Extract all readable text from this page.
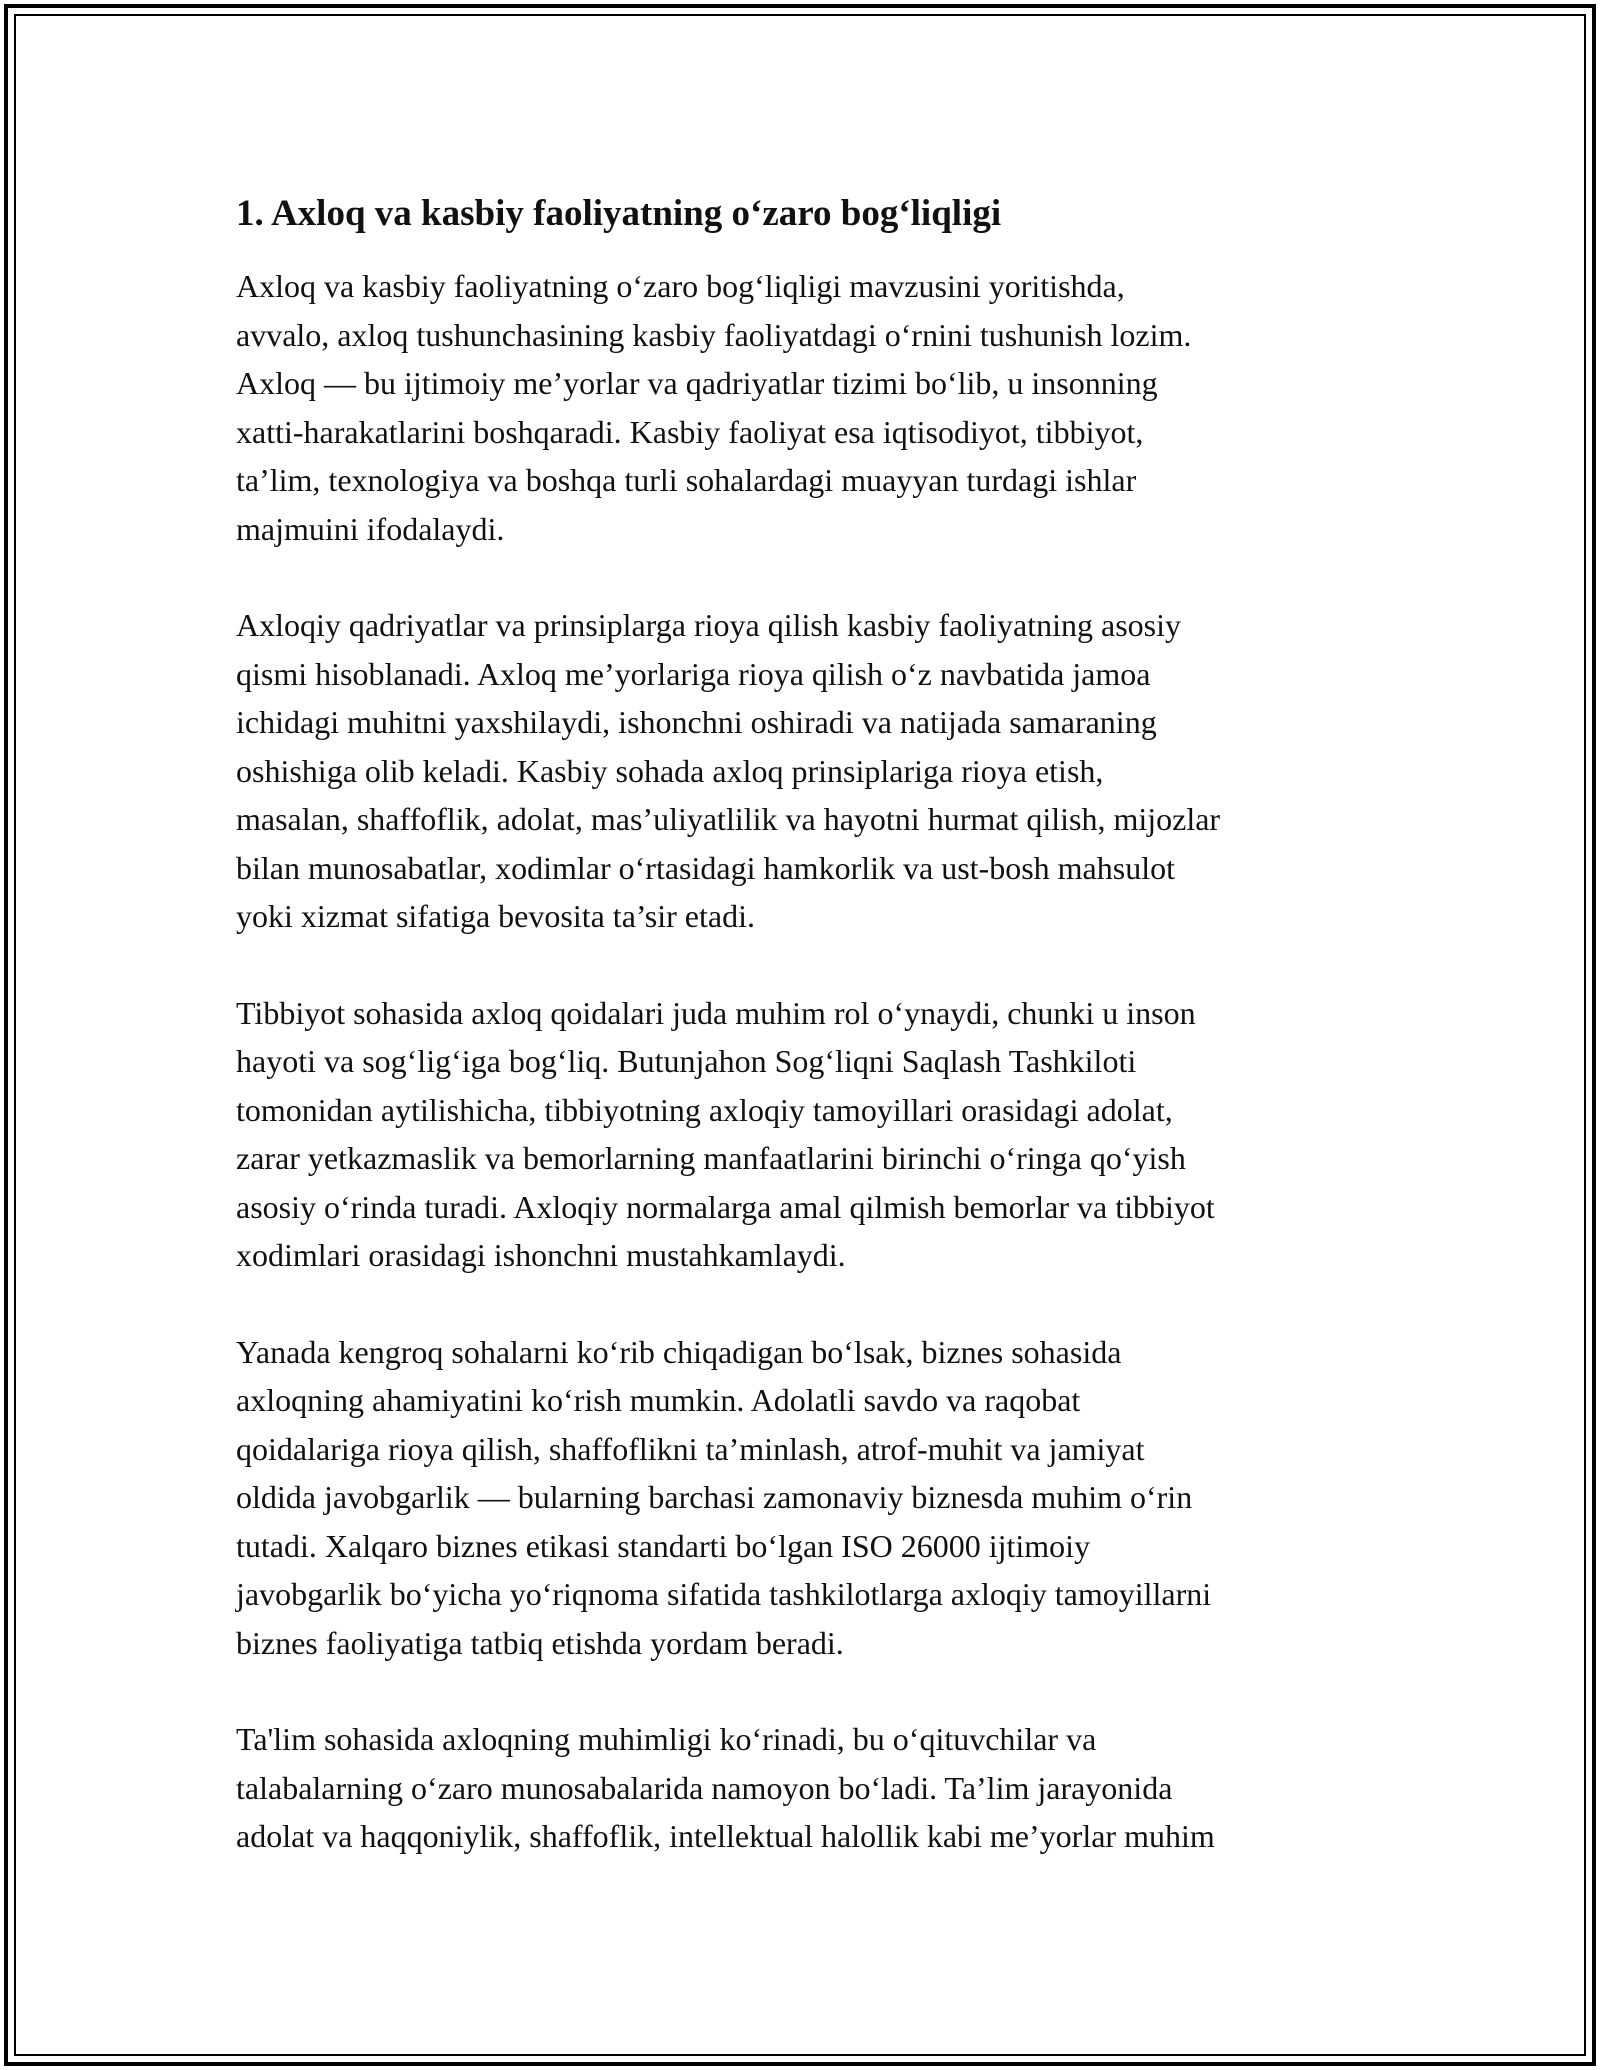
1. Axloq va kasbiy faoliyatning o‘zaro bog‘liqligi

Axloq va kasbiy faoliyatning o‘zaro bog‘liqligi mavzusini yoritishda,
avvalo, axloq tushunchasining kasbiy faoliyatdagi o‘rnini tushunish lozim.
Axloq — bu ijtimoiy me’yorlar va qadriyatlar tizimi bo‘lib, u insonning
xatti-harakatlarini boshqaradi. Kasbiy faoliyat esa iqtisodiyot, tibbiyot,
ta’lim, texnologiya va boshqa turli sohalardagi muayyan turdagi ishlar
majmuini ifodalaydi.

Axloqiy qadriyatlar va prinsiplarga rioya qilish kasbiy faoliyatning asosiy
qismi hisoblanadi. Axloq me’yorlariga rioya qilish o‘z navbatida jamoa
ichidagi muhitni yaxshilaydi, ishonchni oshiradi va natijada samaraning
oshishiga olib keladi. Kasbiy sohada axloq prinsiplariga rioya etish,
masalan, shaffoflik, adolat, mas’uliyatlilik va hayotni hurmat qilish, mijozlar
bilan munosabatlar, xodimlar o‘rtasidagi hamkorlik va ust-bosh mahsulot
yoki xizmat sifatiga bevosita ta’sir etadi.

Tibbiyot sohasida axloq qoidalari juda muhim rol o‘ynaydi, chunki u inson
hayoti va sog‘lig‘iga bog‘liq. Butunjahon Sog‘liqni Saqlash Tashkiloti
tomonidan aytilishicha, tibbiyotning axloqiy tamoyillari orasidagi adolat,
zarar yetkazmaslik va bemorlarning manfaatlarini birinchi o‘ringa qo‘yish
asosiy o‘rinda turadi. Axloqiy normalarga amal qilmish bemorlar va tibbiyot
xodimlari orasidagi ishonchni mustahkamlaydi.

Yanada kengroq sohalarni ko‘rib chiqadigan bo‘lsak, biznes sohasida
axloqning ahamiyatini ko‘rish mumkin. Adolatli savdo va raqobat
qoidalariga rioya qilish, shaffoflikni ta’minlash, atrof-muhit va jamiyat
oldida javobgarlik — bularning barchasi zamonaviy biznesda muhim o‘rin
tutadi. Xalqaro biznes etikasi standarti bo‘lgan ISO 26000 ijtimoiy
javobgarlik bo‘yicha yo‘riqnoma sifatida tashkilotlarga axloqiy tamoyillarni
biznes faoliyatiga tatbiq etishda yordam beradi.

Ta'lim sohasida axloqning muhimligi ko‘rinadi, bu o‘qituvchilar va
talabalarning o‘zaro munosabalarida namoyon bo‘ladi. Ta’lim jarayonida
adolat va haqqoniylik, shaffoflik, intellektual halollik kabi me’yorlar muhim
